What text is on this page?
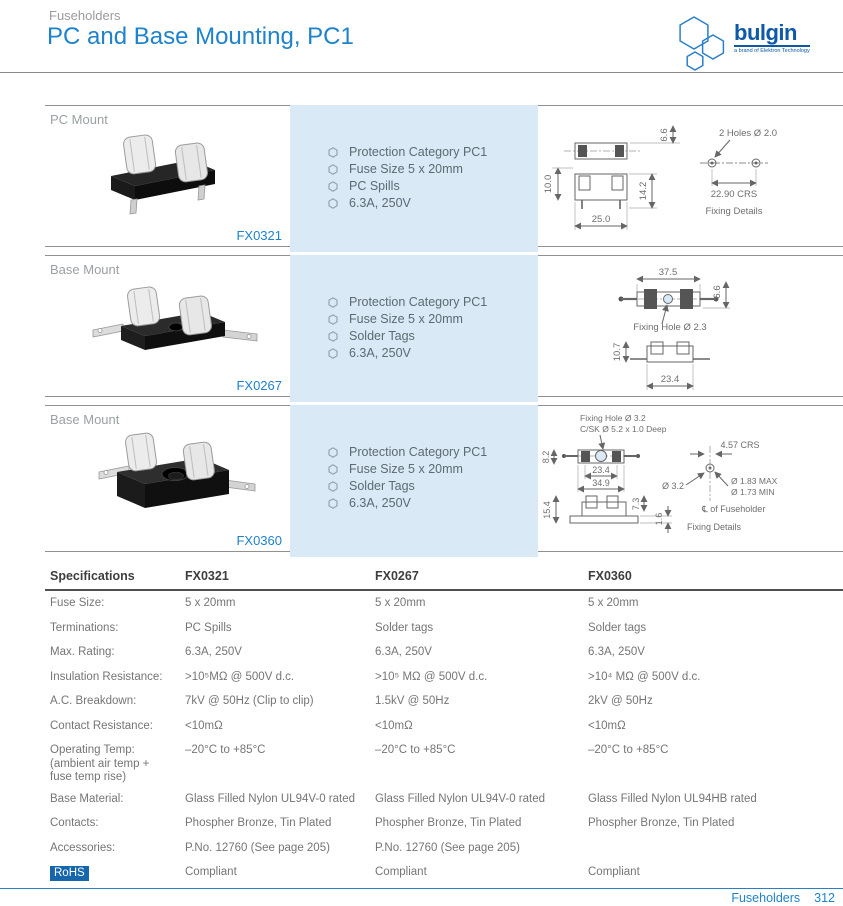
Fuseholders
PC and Base Mounting, PC1	bulgin
a brand of Elektron Technology
PC Mount
FX0321
Protection Category PC1
Fuse Size 5 x 20mm
PC Spills
6.3A, 250V
6.6
10.0	14.2
25.0
2 Holes Ø 2.0
22.90 CRS
Fixing Details
Base Mount
FX0267
Protection Category PC1
Fuse Size 5 x 20mm
Solder Tags
6.3A, 250V
37.5
6.6
Fixing Hole Ø 2.3
10.7
23.4
Base Mount
FX0360
Protection Category PC1
Fuse Size 5 x 20mm
Solder Tags
6.3A, 250V
Fixing Hole Ø 3.2
C/SK Ø 5.2 x 1.0 Deep
8.2
23.4
34.9
4.57 CRS
Ø 3.2	Ø 1.83 MAX
Ø 1.73 MIN
℄ of Fuseholder
15.4	7.3
1.6
Fixing Details
Specifications	FX0321	FX0267	FX0360
Fuse Size:	5 x 20mm	5 x 20mm	5 x 20mm
Terminations:	PC Spills	Solder tags	Solder tags
Max. Rating:	6.3A, 250V	6.3A, 250V	6.3A, 250V
Insulation Resistance:	>10⁵MΩ @ 500V d.c.	>10⁵ MΩ @ 500V d.c.	>10⁴ MΩ @ 500V d.c.
A.C. Breakdown:	7kV @ 50Hz (Clip to clip)	1.5kV @ 50Hz	2kV @ 50Hz
Contact Resistance:	<10mΩ	<10mΩ	<10mΩ
Operating Temp:
(ambient air temp +
fuse temp rise)
–20°C to +85°C	–20°C to +85°C	–20°C to +85°C
Base Material:	Glass Filled Nylon UL94V-0 rated	Glass Filled Nylon UL94V-0 rated	Glass Filled Nylon UL94HB rated
Contacts:	Phospher Bronze, Tin Plated	Phospher Bronze, Tin Plated	Phospher Bronze, Tin Plated
Accessories:	P.No. 12760 (See page 205)	P.No. 12760 (See page 205)
RoHS	Compliant	Compliant	Compliant
Fuseholders 312
